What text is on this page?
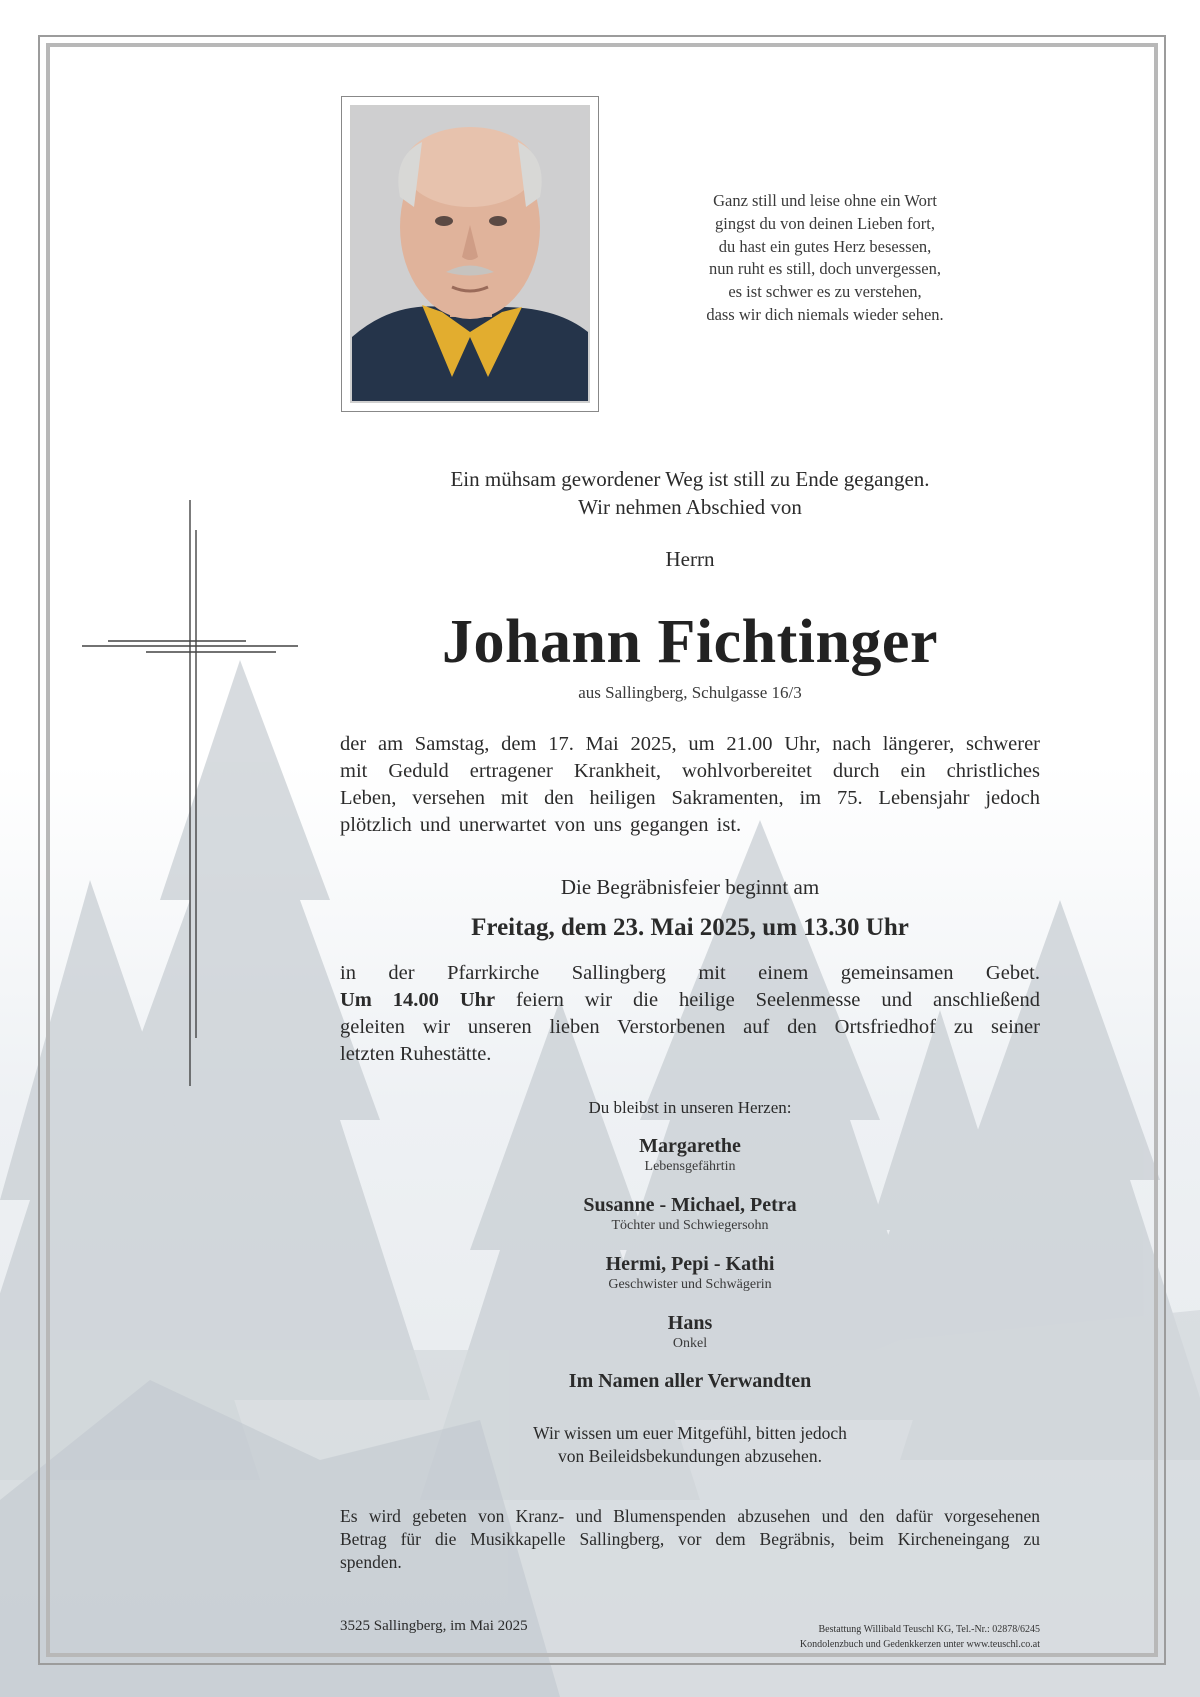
Ganz still und leise ohne ein Wort
gingst du von deinen Lieben fort,
du hast ein gutes Herz besessen,
nun ruht es still, doch unvergessen,
es ist schwer es zu verstehen,
dass wir dich niemals wieder sehen.
Ein mühsam gewordener Weg ist still zu Ende gegangen.
Wir nehmen Abschied von
Herrn
Johann Fichtinger
aus Sallingberg, Schulgasse 16/3
der am Samstag, dem 17. Mai 2025, um 21.00 Uhr, nach längerer, schwerer
mit Geduld ertragener Krankheit, wohlvorbereitet durch ein christliches
Leben, versehen mit den heiligen Sakramenten, im 75. Lebensjahr jedoch
plötzlich und unerwartet von uns gegangen ist.
Die Begräbnisfeier beginnt am
Freitag, dem 23. Mai 2025, um 13.30 Uhr
in der Pfarrkirche Sallingberg mit einem gemeinsamen Gebet.
Um 14.00 Uhr feiern wir die heilige Seelenmesse und anschließend
geleiten wir unseren lieben Verstorbenen auf den Ortsfriedhof zu seiner
letzten Ruhestätte.
Du bleibst in unseren Herzen:
Margarethe
Lebensgefährtin
Susanne - Michael, Petra
Töchter und Schwiegersohn
Hermi, Pepi - Kathi
Geschwister und Schwägerin
Hans
Onkel
Im Namen aller Verwandten
Wir wissen um euer Mitgefühl, bitten jedoch
von Beileidsbekundungen abzusehen.
Es wird gebeten von Kranz- und Blumenspenden abzusehen und den dafür vorgesehenen
Betrag für die Musikkapelle Sallingberg, vor dem Begräbnis, beim Kircheneingang zu
spenden.
3525 Sallingberg, im Mai 2025	Bestattung Willibald Teuschl KG, Tel.-Nr.: 02878/6245
Kondolenzbuch und Gedenkkerzen unter www.teuschl.co.at
